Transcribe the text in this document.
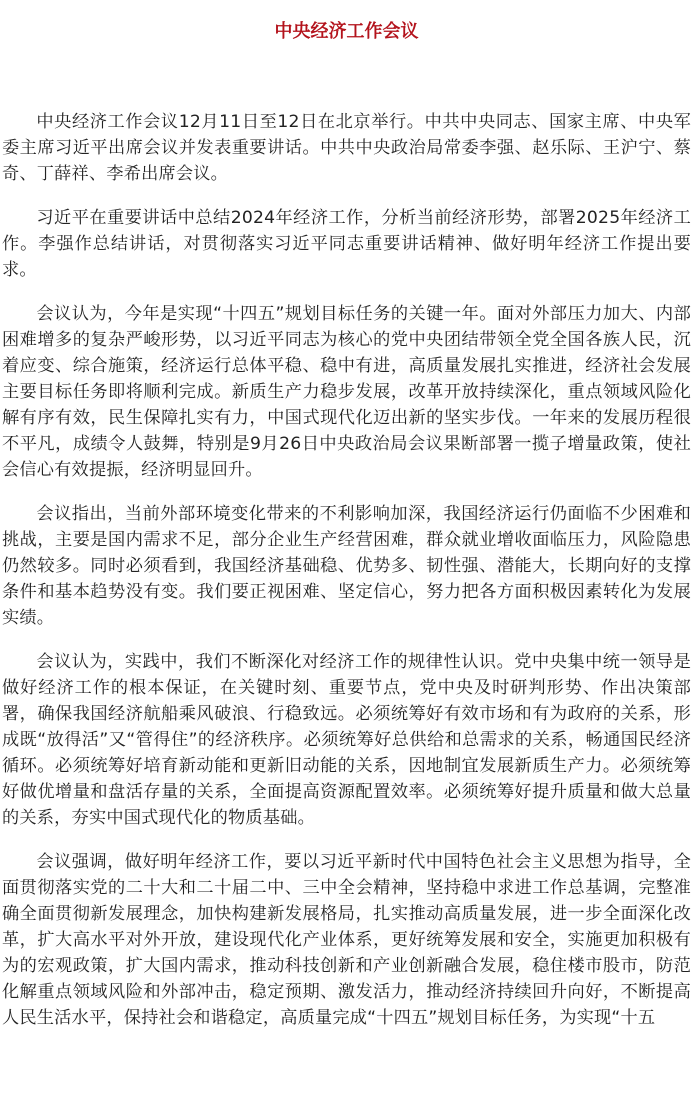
中央经济工作会议

中央经济工作会议12月11日至12日在北京举行。中共中央同志、国家主席、中央军委主席习近平出席会议并发表重要讲话。中共中央政治局常委李强、赵乐际、王沪宁、蔡奇、丁薛祥、李希出席会议。

习近平在重要讲话中总结2024年经济工作，分析当前经济形势，部署2025年经济工作。李强作总结讲话，对贯彻落实习近平同志重要讲话精神、做好明年经济工作提出要求。

会议认为，今年是实现“十四五”规划目标任务的关键一年。面对外部压力加大、内部困难增多的复杂严峻形势，以习近平同志为核心的党中央团结带领全党全国各族人民，沉着应变、综合施策，经济运行总体平稳、稳中有进，高质量发展扎实推进，经济社会发展主要目标任务即将顺利完成。新质生产力稳步发展，改革开放持续深化，重点领域风险化解有序有效，民生保障扎实有力，中国式现代化迈出新的坚实步伐。一年来的发展历程很不平凡，成绩令人鼓舞，特别是9月26日中央政治局会议果断部署一揽子增量政策，使社会信心有效提振，经济明显回升。

会议指出，当前外部环境变化带来的不利影响加深，我国经济运行仍面临不少困难和挑战，主要是国内需求不足，部分企业生产经营困难，群众就业增收面临压力，风险隐患仍然较多。同时必须看到，我国经济基础稳、优势多、韧性强、潜能大，长期向好的支撑条件和基本趋势没有变。我们要正视困难、坚定信心，努力把各方面积极因素转化为发展实绩。

会议认为，实践中，我们不断深化对经济工作的规律性认识。党中央集中统一领导是做好经济工作的根本保证，在关键时刻、重要节点，党中央及时研判形势、作出决策部署，确保我国经济航船乘风破浪、行稳致远。必须统筹好有效市场和有为政府的关系，形成既“放得活”又“管得住”的经济秩序。必须统筹好总供给和总需求的关系，畅通国民经济循环。必须统筹好培育新动能和更新旧动能的关系，因地制宜发展新质生产力。必须统筹好做优增量和盘活存量的关系，全面提高资源配置效率。必须统筹好提升质量和做大总量的关系，夯实中国式现代化的物质基础。

会议强调，做好明年经济工作，要以习近平新时代中国特色社会主义思想为指导，全面贯彻落实党的二十大和二十届二中、三中全会精神，坚持稳中求进工作总基调，完整准确全面贯彻新发展理念，加快构建新发展格局，扎实推动高质量发展，进一步全面深化改革，扩大高水平对外开放，建设现代化产业体系，更好统筹发展和安全，实施更加积极有为的宏观政策，扩大国内需求，推动科技创新和产业创新融合发展，稳住楼市股市，防范化解重点领域风险和外部冲击，稳定预期、激发活力，推动经济持续回升向好，不断提高人民生活水平，保持社会和谐稳定，高质量完成“十四五”规划目标任务，为实现“十五
